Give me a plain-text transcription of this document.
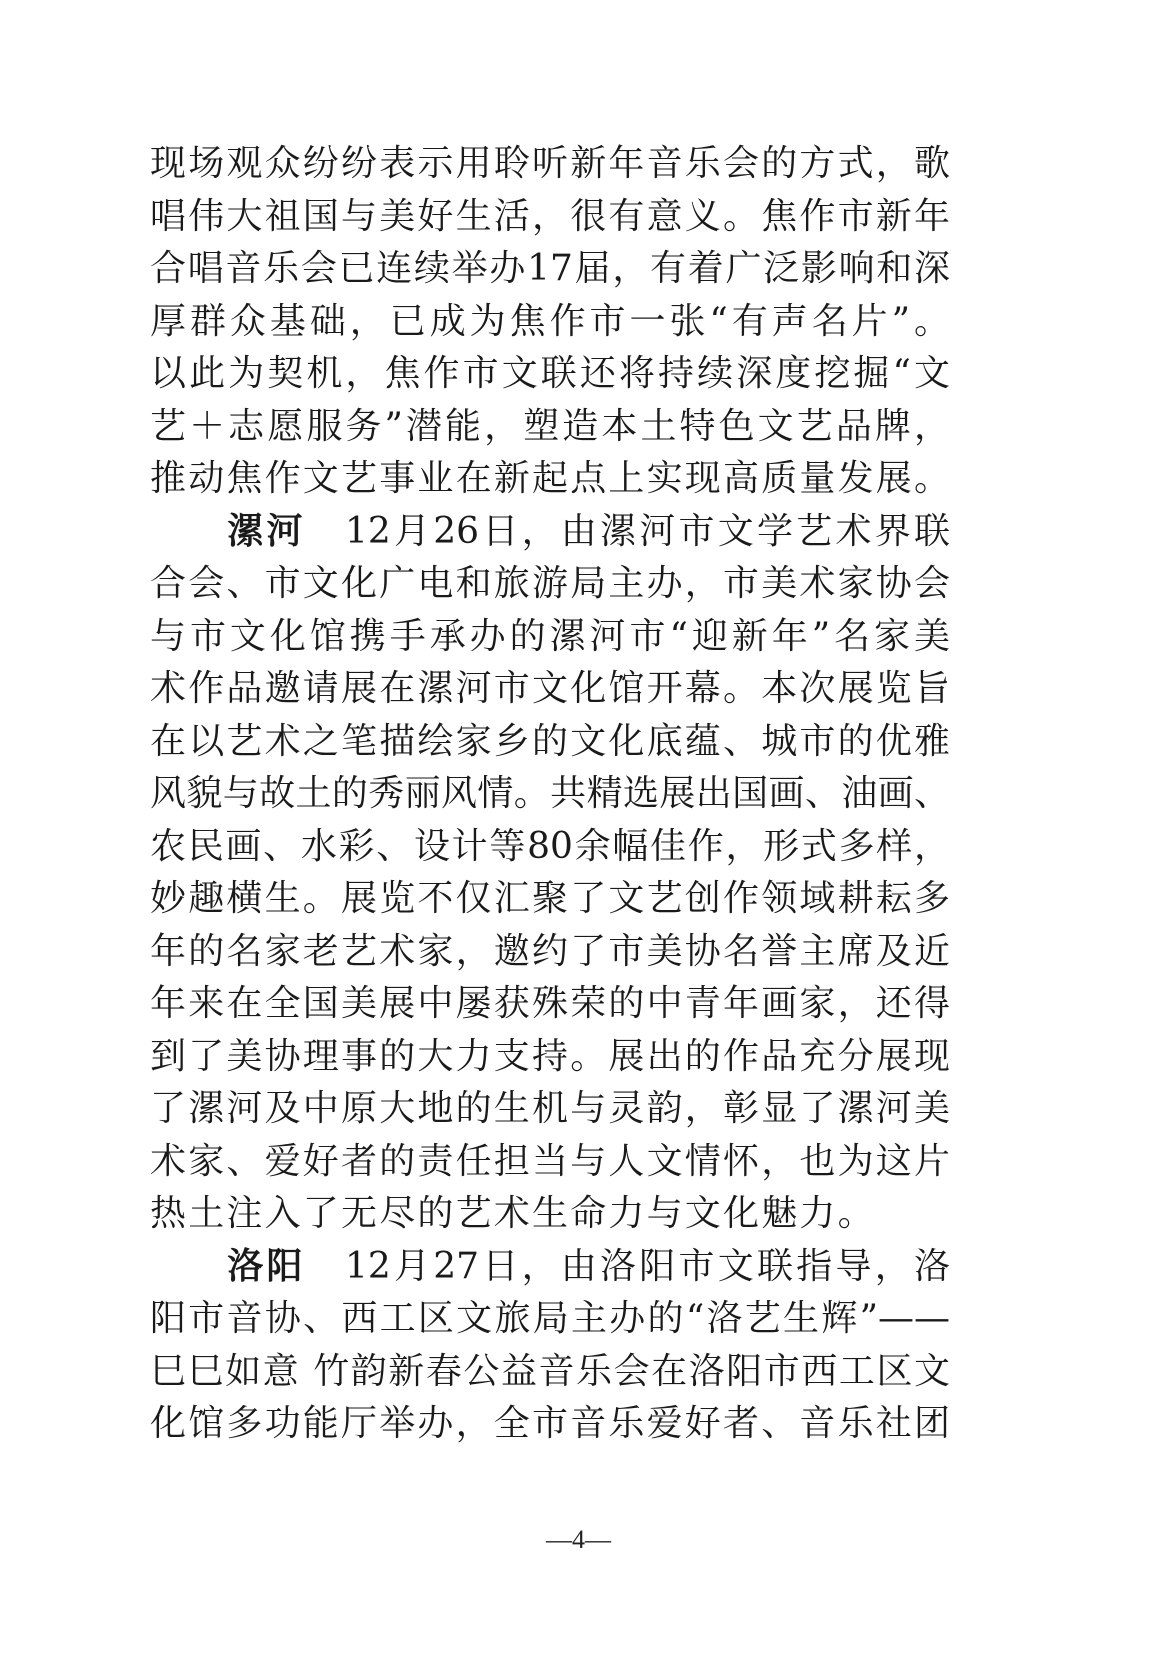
现场观众纷纷表示用聆听新年音乐会的方式，歌
唱伟大祖国与美好生活，很有意义。焦作市新年
合唱音乐会已连续举办17届，有着广泛影响和深
厚群众基础，已成为焦作市一张“有声名片”。
以此为契机，焦作市文联还将持续深度挖掘“文
艺＋志愿服务”潜能，塑造本土特色文艺品牌，
推动焦作文艺事业在新起点上实现高质量发展。
漯河　 12月26日，由漯河市文学艺术界联
合会、市文化广电和旅游局主办，市美术家协会
与市文化馆携手承办的漯河市“迎新年”名家美
术作品邀请展在漯河市文化馆开幕。本次展览旨
在以艺术之笔描绘家乡的文化底蕴、城市的优雅
风貌与故土的秀丽风情。共精选展出国画、油画、
农民画、水彩、设计等80余幅佳作，形式多样，
妙趣横生。展览不仅汇聚了文艺创作领域耕耘多
年的名家老艺术家，邀约了市美协名誉主席及近
年来在全国美展中屡获殊荣的中青年画家，还得
到了美协理事的大力支持。展出的作品充分展现
了漯河及中原大地的生机与灵韵，彰显了漯河美
术家、爱好者的责任担当与人文情怀，也为这片
热土注入了无尽的艺术生命力与文化魅力。
洛阳　 12月27日，由洛阳市文联指导，洛
阳市音协、西工区文旅局主办的“洛艺生辉”——
巳巳如意 竹韵新春公益音乐会在洛阳市西工区文
化馆多功能厅举办，全市音乐爱好者、音乐社团
—4—
